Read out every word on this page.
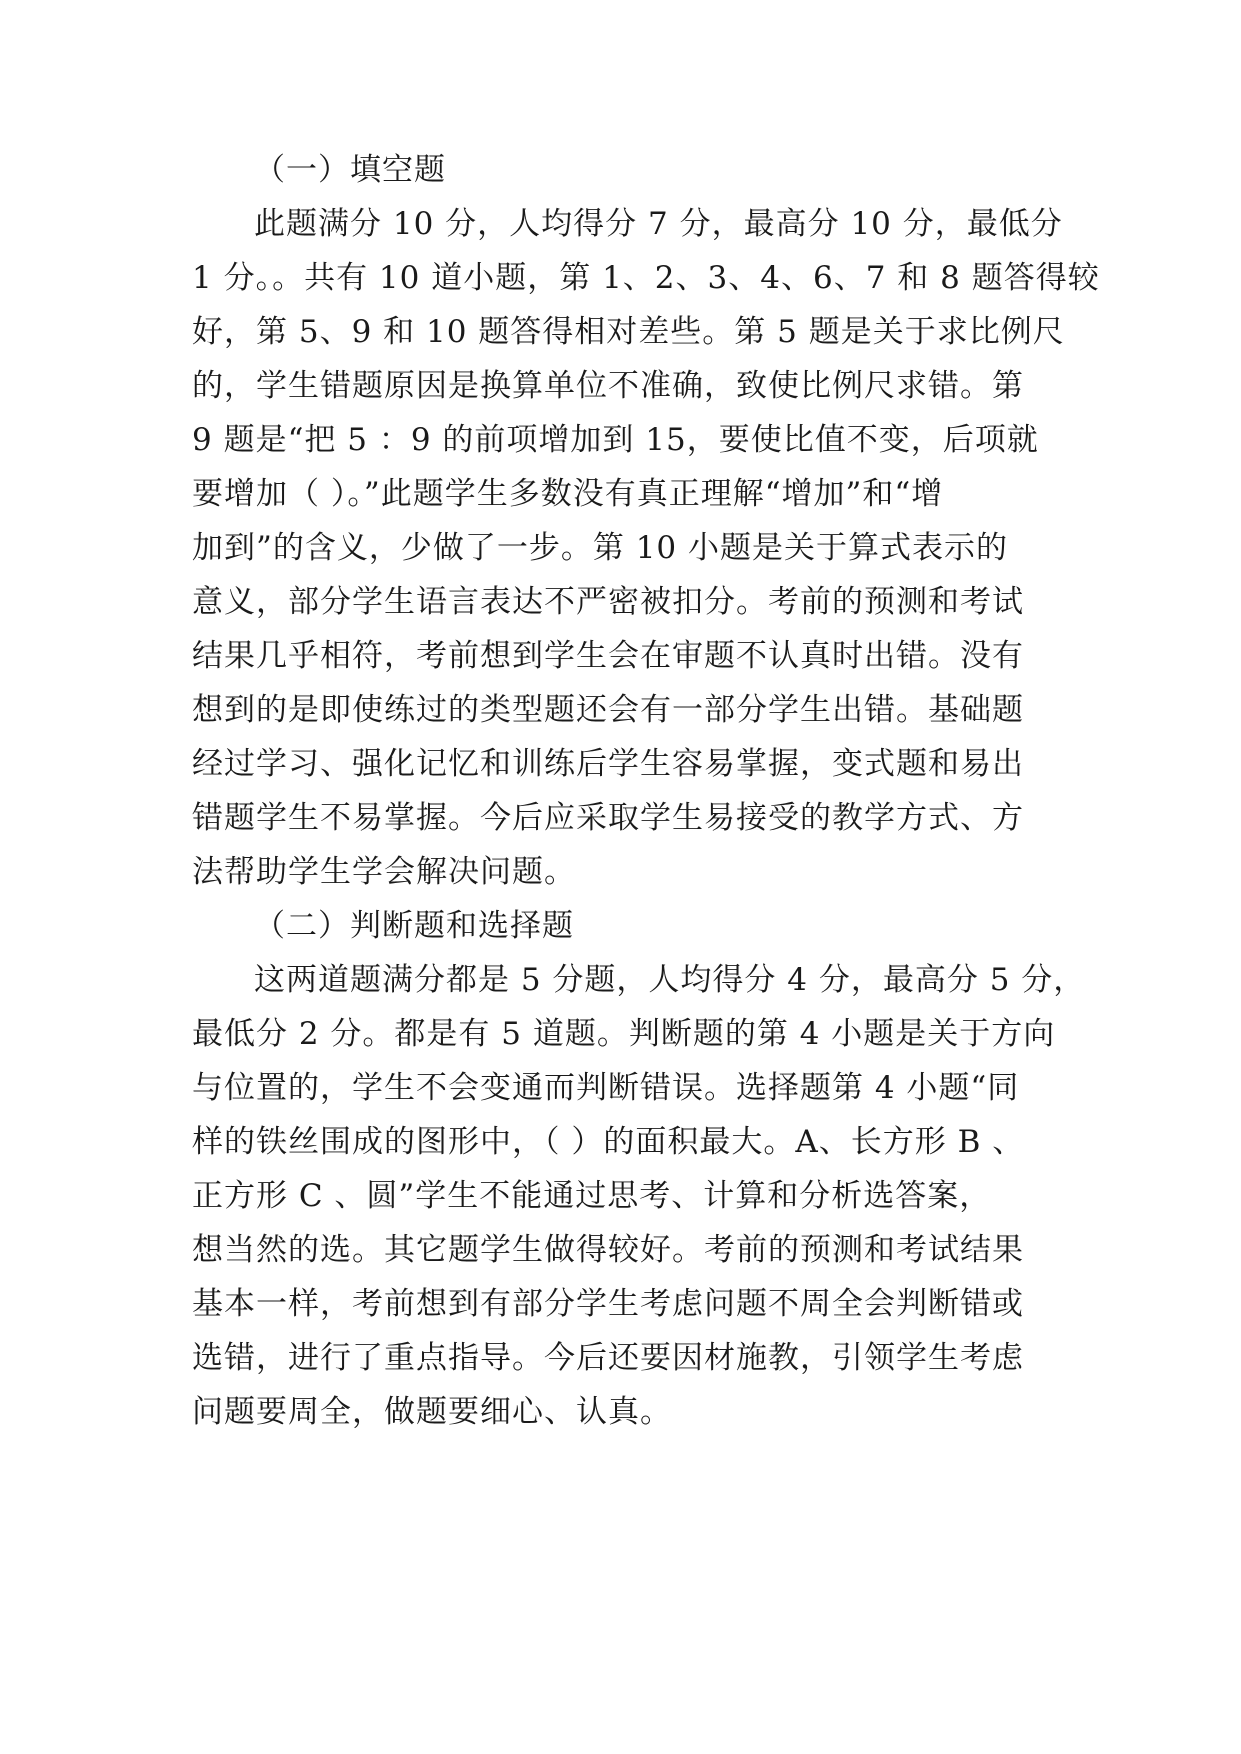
（一）填空题
此题满分 10 分，人均得分 7 分，最高分 10 分，最低分
1 分。。共有 10 道小题，第 1、2、3、4、6、7 和 8 题答得较
好，第 5、9 和 10 题答得相对差些。第 5 题是关于求比例尺
的，学生错题原因是换算单位不准确，致使比例尺求错。第
9 题是“把 5 ：9 的前项增加到 15，要使比值不变，后项就
要增加（ ）。”此题学生多数没有真正理解“增加”和“增
加到”的含义，少做了一步。第 10 小题是关于算式表示的
意义，部分学生语言表达不严密被扣分。考前的预测和考试
结果几乎相符，考前想到学生会在审题不认真时出错。没有
想到的是即使练过的类型题还会有一部分学生出错。基础题
经过学习、强化记忆和训练后学生容易掌握，变式题和易出
错题学生不易掌握。今后应采取学生易接受的教学方式、方
法帮助学生学会解决问题。
（二）判断题和选择题
这两道题满分都是 5 分题，人均得分 4 分，最高分 5 分，
最低分 2 分。都是有 5 道题。判断题的第 4 小题是关于方向
与位置的，学生不会变通而判断错误。选择题第 4 小题“同
样的铁丝围成的图形中，（ ）的面积最大。A、长方形 B 、
正方形 C 、圆”学生不能通过思考、计算和分析选答案，
想当然的选。其它题学生做得较好。考前的预测和考试结果
基本一样，考前想到有部分学生考虑问题不周全会判断错或
选错，进行了重点指导。今后还要因材施教，引领学生考虑
问题要周全，做题要细心、认真。
